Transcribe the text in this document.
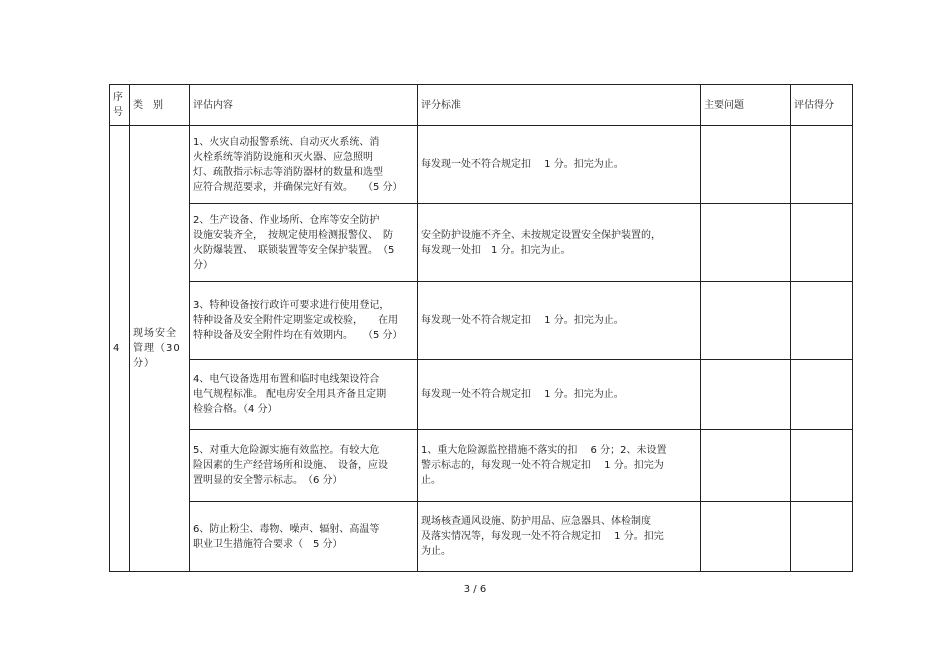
序
号	类　别	评估内容	评分标准	主要问题	评估得分
4	现场安全管理（30分）	1、火灾自动报警系统、自动灭火系统、消
火栓系统等消防设施和灭火器、应急照明
灯、疏散指示标志等消防器材的数量和选型
应符合规范要求，并确保完好有效。　　（5 分）	每发现一处不符合规定扣　 1 分。扣完为止。		
		2、生产设备、作业场所、仓库等安全防护
设施安装齐全，　按规定使用检测报警仪、　防
火防爆装置、　联锁装置等安全保护装置。　（5
分）	安全防护设施不齐全、未按规定设置安全保护装置的，
每发现一处扣　1 分。扣完为止。		
		3、特种设备按行政许可要求进行使用登记，
特种设备及安全附件定期鉴定或校验，　　在用
特种设备及安全附件均在有效期内。　　（5 分）	每发现一处不符合规定扣　 1 分。扣完为止。		
		4、电气设备选用布置和临时电线架设符合
电气规程标准。 配电房安全用具齐备且定期
检验合格。（4 分）	每发现一处不符合规定扣　 1 分。扣完为止。		
		5、对重大危险源实施有效监控。有较大危
险因素的生产经营场所和设施、　设备，应设
置明显的安全警示标志。　（6 分）	1、重大危险源监控措施不落实的扣　 6 分；2、未设置
警示标志的，每发现一处不符合规定扣　 1 分。扣完为
止。		
		6、防止粉尘、毒物、噪声、辐射、高温等
职业卫生措施符合要求（　5 分）	现场核查通风设施、防护用品、应急器具、体检制度
及落实情况等，每发现一处不符合规定扣　 1 分。扣完
为止。		
3 / 6
